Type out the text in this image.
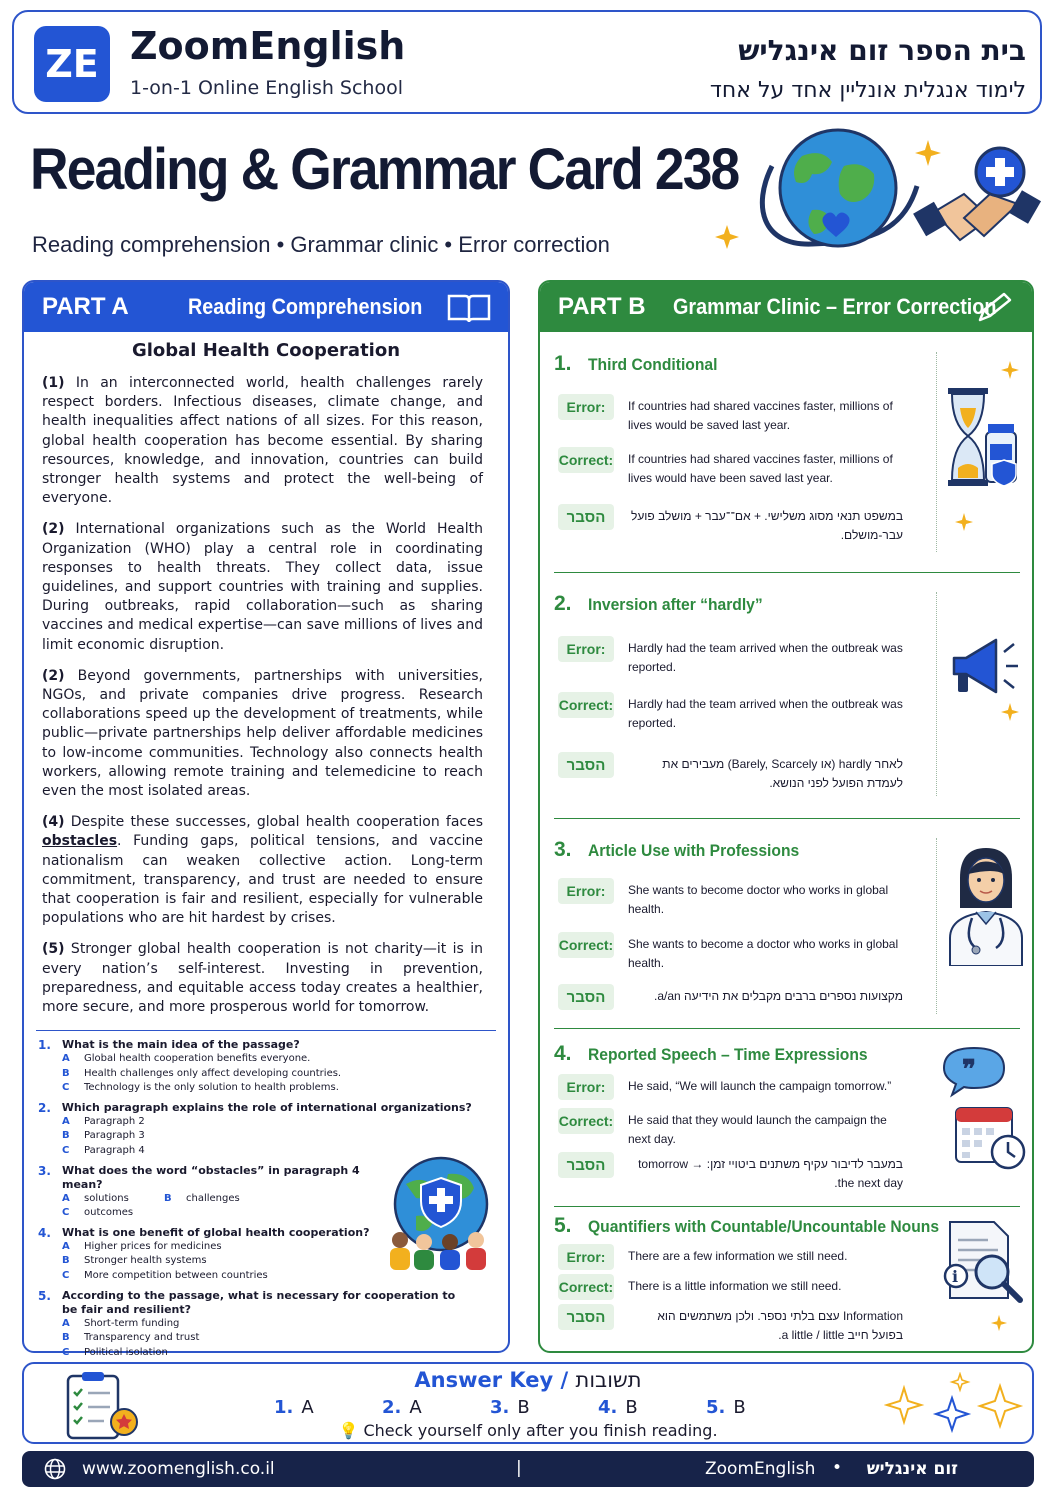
ZE ZoomEnglish
1-on-1 Online English School
בית הספר זום אינגליש
לימוד אנגלית אונליין אחד על אחד
Reading & Grammar Card 238
Reading comprehension • Grammar clinic • Error correction
PART A	Reading Comprehension
Global Health Cooperation

(1) In an interconnected world, health challenges rarely respect borders. Infectious diseases, climate change, and health inequalities affect nations of all sizes. For this reason, global health cooperation has become essential. By sharing resources, knowledge, and innovation, countries can build stronger health systems and protect the well-being of everyone.

(2) International organizations such as the World Health Organization (WHO) play a central role in coordinating responses to health threats. They collect data, issue guidelines, and support countries with training and supplies. During outbreaks, rapid collaboration—such as sharing vaccines and medical expertise—can save millions of lives and limit economic disruption.

(2) Beyond governments, partnerships with universities, NGOs, and private companies drive progress. Research collaborations speed up the development of treatments, while public—private partnerships help deliver affordable medicines to low-income communities. Technology also connects health workers, allowing remote training and telemedicine to reach even the most isolated areas.

(4) Despite these successes, global health cooperation faces obstacles. Funding gaps, political tensions, and vaccine nationalism can weaken collective action. Long-term commitment, transparency, and trust are needed to ensure that cooperation is fair and resilient, especially for vulnerable populations who are hit hardest by crises.

(5) Stronger global health cooperation is not charity—it is in every nation’s self-interest. Investing in prevention, preparedness, and equitable access today creates a healthier, more secure, and more prosperous world for tomorrow.

1.	What is the main idea of the passage?
A	Global health cooperation benefits everyone.
B	Health challenges only affect developing countries.
C	Technology is the only solution to health problems.
2. Which paragraph explains the role of international organizations?
A	Paragraph 2
B	Paragraph 3
C	Paragraph 4
3.	What does the word “obstacles” in paragraph 4 mean?
A	solutions	B	challenges
C	outcomes
4.	What is one benefit of global health cooperation?
A	Higher prices for medicines
B	Stronger health systems
C	More competition between countries
5.	According to the passage, what is necessary for cooperation to be fair and resilient?
A	Short-term funding
B	Transparency and trust
C	Political isolation
PART B	Grammar Clinic – Error Correction
1. Third Conditional
Error:	If countries had shared vaccines faster, millions of lives would be saved last year.
Correct: If countries had shared vaccines faster, millions of lives would have been saved last year.
הסבר	במשפט תנאי מסוג משלישי. + אם־־עבר + מושלב פועל עבר-מושלם.
2. Inversion after “hardly”
Error:	Hardly had the team arrived when the outbreak was reported.
Correct: Hardly had the team arrived when the outbreak was reported.
הסבר	לאחר hardly (או Barely, Scarcely) מעבירים את לעמדת הפועל לפני הנושא.
3. Article Use with Professions
Error:	She wants to become doctor who works in global health.
Correct: She wants to become a doctor who works in global health.
הסבר	מקצועות נספרים ברבים מקבלים את הידיעה a/an.
4. Reported Speech – Time Expressions
Error:	He said, “We will launch the campaign tomorrow.”
Correct: He said that they would launch the campaign the next day.
הסבר	במעבר לדיבור עקיף משתנים ביטויי זמן: tomorrow → the next day.
❞
5. Quantifiers with Countable/Uncountable Nouns
Error:	There are a few information we still need.
Correct: There is a little information we still need.
הסבר	Information עצם בלתי נספר. ולכן משתמשים הוא בפועל חייב a little / little.
i
Answer Key / תשובות
1. A	2. A	3. B	4. B	5. B
💡 Check yourself only after you finish reading.
www.zoomenglish.co.il	|	ZoomEnglish • זום אינגליש
